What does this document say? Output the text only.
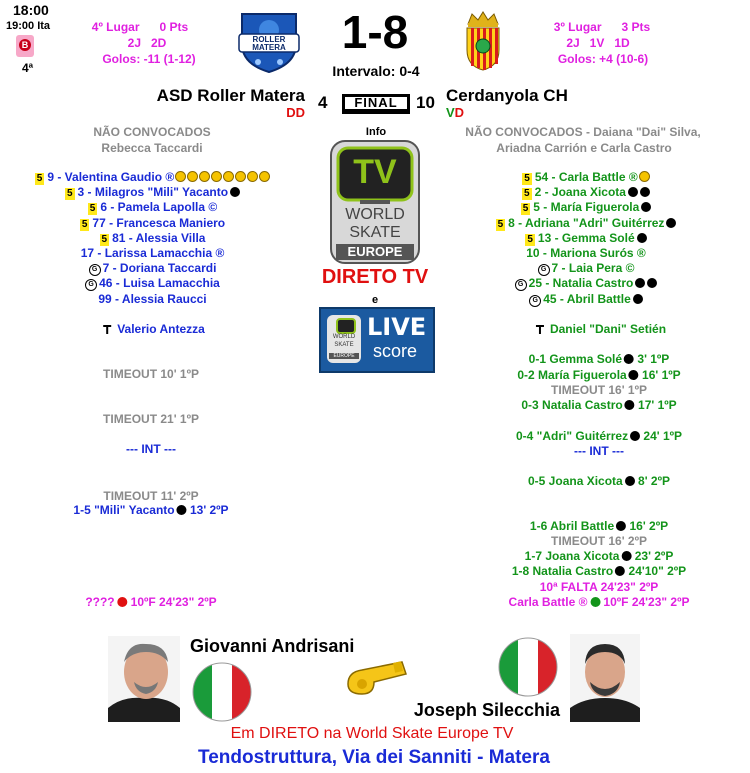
18:00
19:00 Ita
B
4ª
4º Lugar      0 Pts
2J   2D
Golos: -11 (1-12)
3º Lugar      3 Pts
2J   1V   1D
Golos: +4 (10-6)
ROLLER
MATERA 1-8
Intervalo: 0-4
ASD Roller Matera
DD
4	FINAL	10 Cerdanyola CH
VD
Info
NÃO CONVOCADOS
Rebecca Taccardi
NÃO CONVOCADOS - Daiana "Dai" Silva,
Ariadna Carrión e Carla Castro
5 9 - Valentina Gaudio ®
5 3 - Milagros "Mili" Yacanto
5 6 - Pamela Lapolla ©
5 77 - Francesca Maniero
5 81 - Alessia Villa
17 - Larissa Lamacchia ®
G 7 - Doriana Taccardi
G 46 - Luisa Lamacchia
99 - Alessia Raucci
5 54 - Carla Battle ®
5 2 - Joana Xicota
5 5 - María Figuerola
5 8 - Adriana "Adri" Guitérrez
5 13 - Gemma Solé
10 - Mariona Surós ®
G 7 - Laia Pera ©
G 25 - Natalia Castro
G 45 - Abril Battle
Valerio Antezza	Daniel "Dani" Setién
TIMEOUT 10' 1ºP
TIMEOUT 21' 1ºP
--- INT ---
TIMEOUT 11' 2ºP
1-5 "Mili" Yacanto 13' 2ºP
???? 10ºF 24'23" 2ºP
0-1 Gemma Solé 3' 1ºP
0-2 María Figuerola 16' 1ºP
TIMEOUT 16' 1ºP
0-3 Natalia Castro 17' 1ºP
0-4 "Adri" Guitérrez 24' 1ºP
--- INT ---
0-5 Joana Xicota 8' 2ºP
1-6 Abril Battle 16' 2ºP
TIMEOUT 16' 2ºP
1-7 Joana Xicota 23' 2ºP
1-8 Natalia Castro 24'10" 2ºP
10ª FALTA 24'23" 2ºP
Carla Battle ® 10ºF 24'23" 2ºP
TV
WORLD
SKATE
EUROPE
DIRETO TV
e
WORLD
SKATE
EUROPE
LIVE
score
Giovanni Andrisani
Joseph Silecchia
Em DIRETO na World Skate Europe TV
Tendostruttura, Via dei Sanniti - Matera
